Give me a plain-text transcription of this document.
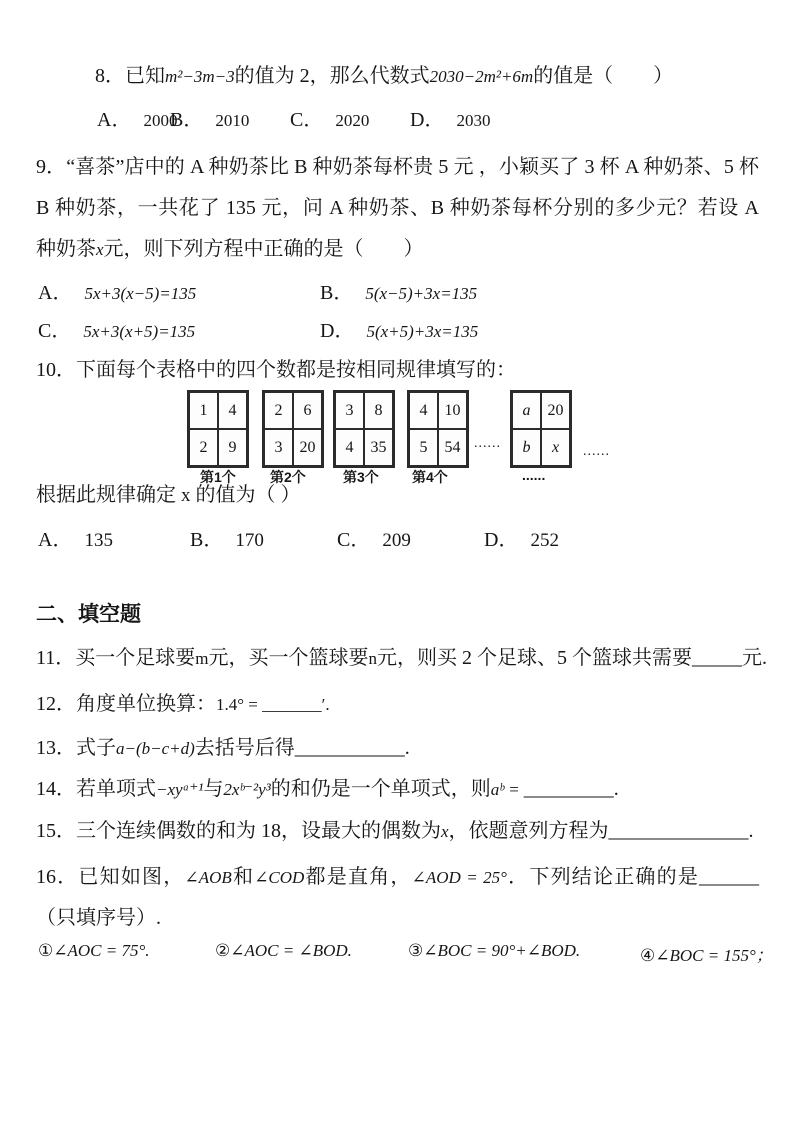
8．已知m²−3m−3的值为 2，那么代数式2030−2m²+6m的值是（　　）
A． 2000
B． 2010 C． 2020 D． 2030
9．“喜茶”店中的 A 种奶茶比 B 种奶茶每杯贵 5 元 ，小颖买了 3 杯 A 种奶茶、5 杯 B 种奶茶，一共花了 135 元，问 A 种奶茶、B 种奶茶每杯分别的多少元？若设 A 种奶茶x元，则下列方程中正确的是（　　）
A． 5x+3(x−5)=135	B． 5(x−5)+3x=135
C． 5x+3(x+5)=135	D． 5(x+5)+3x=135
10．下面每个表格中的四个数都是按相同规律填写的：
1	4
2	9
2	6
3	20
3	8
4	35
4	10
5	54
a	20
b	x
......
......
第1个 第2个	第3个 第4个	......
根据此规律确定 x 的值为（ ）
A． 135	B． 170	C． 209	D． 252
二、填空题
11．买一个足球要m元，买一个篮球要n元，则买 2 个足球、5 个篮球共需要_____元.
12．角度单位换算：1.4° = _______′.
13．式子a−(b−c+d)去括号后得___________.
14．若单项式−xyᵃ⁺¹与2xᵇ⁻²y³的和仍是一个单项式，则aᵇ = _________.
15．三个连续偶数的和为 18，设最大的偶数为x，依题意列方程为______________.
16．已知如图，∠AOB和∠COD都是直角，∠AOD = 25°．下列结论正确的是______（只填序号）.
①∠AOC = 75°.	②∠AOC = ∠BOD.	③∠BOC = 90°+∠BOD.	④∠BOC = 155°；
